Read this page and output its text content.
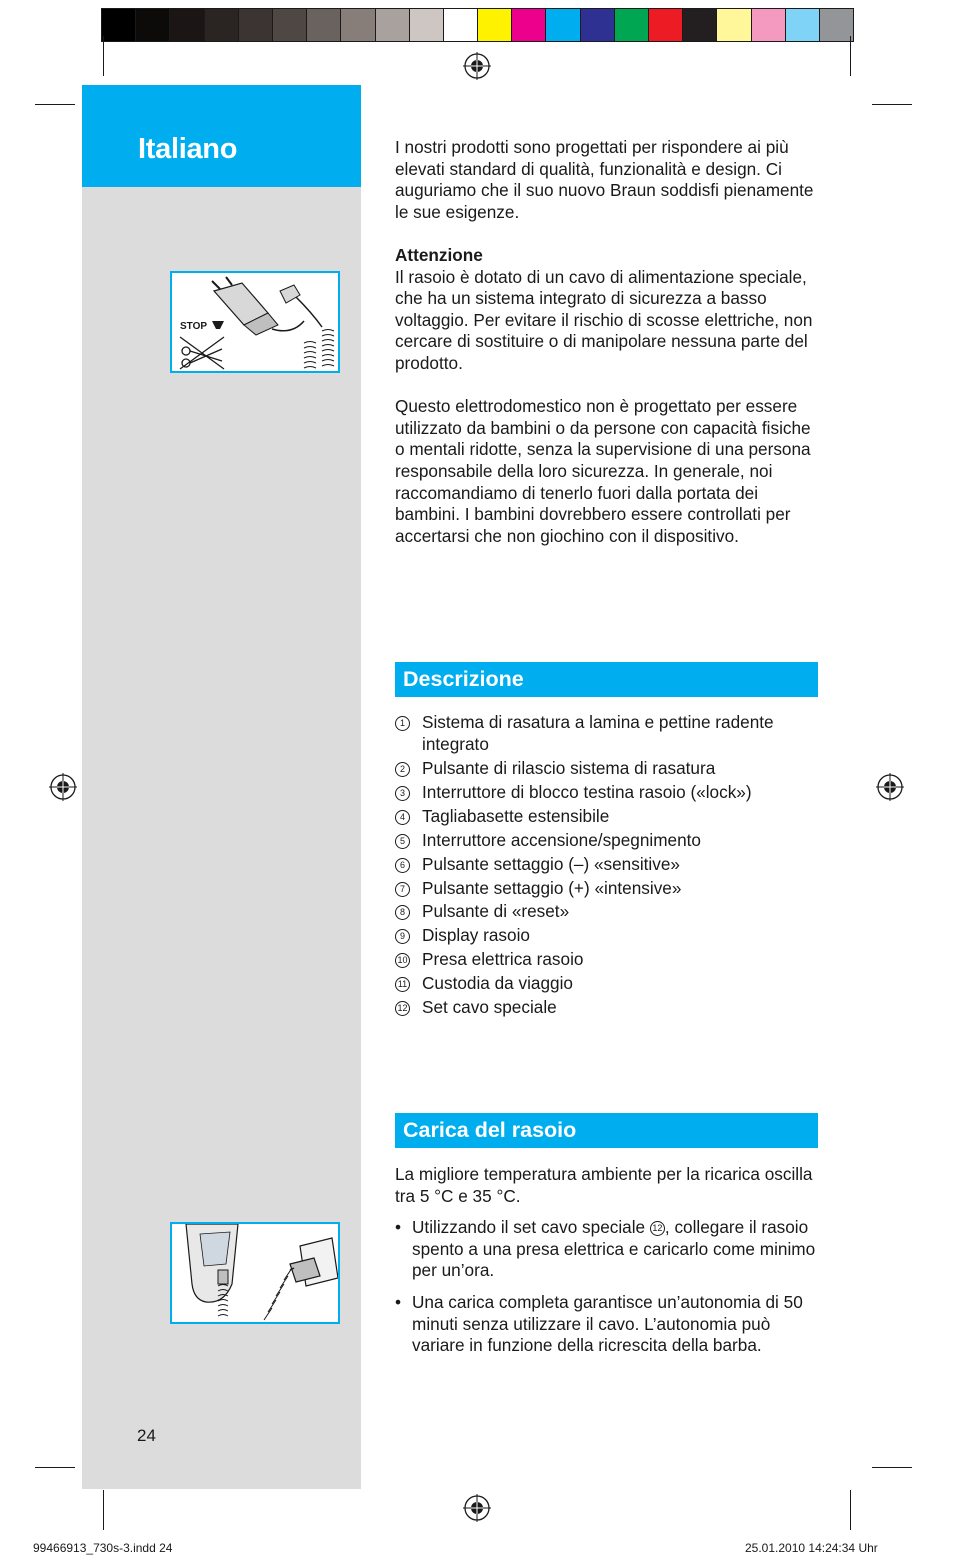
Italiano
STOP
24

I nostri prodotti sono progettati per rispondere ai più elevati standard di qualità, funzionalità e design. Ci auguriamo che il suo nuovo Braun soddisfi pienamente le sue esigenze.

Attenzione

Il rasoio è dotato di un cavo di alimentazione speciale, che ha un sistema integrato di sicurezza a basso voltaggio. Per evitare il rischio di scosse elettriche, non cercare di sostituire o di manipolare nessuna parte del prodotto.

Questo elettrodomestico non è progettato per essere utilizzato da bambini o da persone con capacità fisiche o mentali ridotte, senza la supervisione di una persona responsabile della loro sicurezza. In generale, noi raccomandiamo di tenerlo fuori dalla portata dei bambini. I bambini dovrebbero essere controllati per accertarsi che non giochino con il dispositivo.

Descrizione
1 Sistema di rasatura a lamina e pettine radente integrato
2 Pulsante di rilascio sistema di rasatura
3 Interruttore di blocco testina rasoio («lock»)
4 Tagliabasette estensibile
5 Interruttore accensione/spegnimento
6 Pulsante settaggio (–) «sensitive»
7 Pulsante settaggio (+) «intensive»
8 Pulsante di «reset»
9 Display rasoio
10 Presa elettrica rasoio
11 Custodia da viaggio
12 Set cavo speciale
Carica del rasoio

La migliore temperatura ambiente per la ricarica oscilla tra 5 °C e 35 °C.

• Utilizzando il set cavo speciale 12 , collegare il rasoio spento a una presa elettrica e caricarlo come minimo per un’ora.

• Una carica completa garantisce un’autonomia di 50 minuti senza utilizzare il cavo. L’autonomia può variare in funzione della ricrescita della barba.

99466913_730s-3.indd 24	25.01.2010 14:24:34 Uhr
